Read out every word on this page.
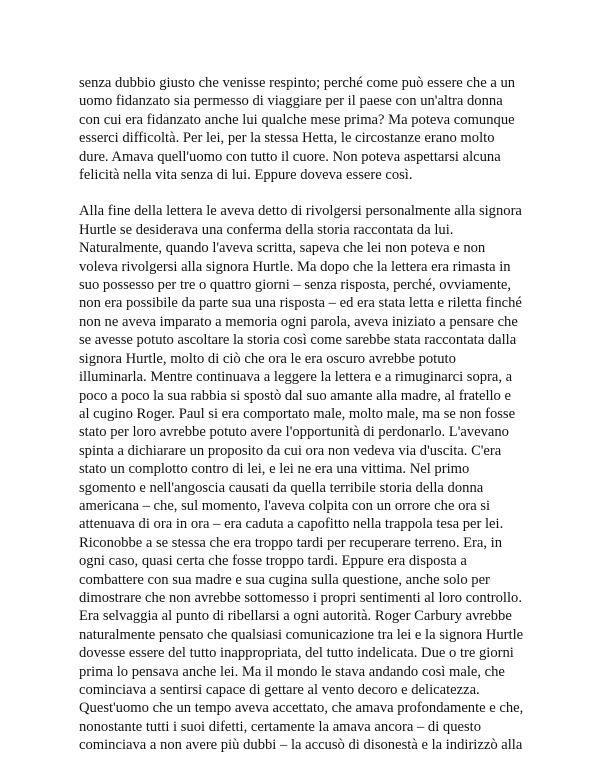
senza dubbio giusto che venisse respinto; perché come può essere che a un
uomo fidanzato sia permesso di viaggiare per il paese con un'altra donna
con cui era fidanzato anche lui qualche mese prima? Ma poteva comunque
esserci difficoltà. Per lei, per la stessa Hetta, le circostanze erano molto
dure. Amava quell'uomo con tutto il cuore. Non poteva aspettarsi alcuna
felicità nella vita senza di lui. Eppure doveva essere così.
Alla fine della lettera le aveva detto di rivolgersi personalmente alla signora
Hurtle se desiderava una conferma della storia raccontata da lui.
Naturalmente, quando l'aveva scritta, sapeva che lei non poteva e non
voleva rivolgersi alla signora Hurtle. Ma dopo che la lettera era rimasta in
suo possesso per tre o quattro giorni – senza risposta, perché, ovviamente,
non era possibile da parte sua una risposta – ed era stata letta e riletta finché
non ne aveva imparato a memoria ogni parola, aveva iniziato a pensare che
se avesse potuto ascoltare la storia così come sarebbe stata raccontata dalla
signora Hurtle, molto di ciò che ora le era oscuro avrebbe potuto
illuminarla. Mentre continuava a leggere la lettera e a rimuginarci sopra, a
poco a poco la sua rabbia si spostò dal suo amante alla madre, al fratello e
al cugino Roger. Paul si era comportato male, molto male, ma se non fosse
stato per loro avrebbe potuto avere l'opportunità di perdonarlo. L'avevano
spinta a dichiarare un proposito da cui ora non vedeva via d'uscita. C'era
stato un complotto contro di lei, e lei ne era una vittima. Nel primo
sgomento e nell'angoscia causati da quella terribile storia della donna
americana – che, sul momento, l'aveva colpita con un orrore che ora si
attenuava di ora in ora – era caduta a capofitto nella trappola tesa per lei.
Riconobbe a se stessa che era troppo tardi per recuperare terreno. Era, in
ogni caso, quasi certa che fosse troppo tardi. Eppure era disposta a
combattere con sua madre e sua cugina sulla questione, anche solo per
dimostrare che non avrebbe sottomesso i propri sentimenti al loro controllo.
Era selvaggia al punto di ribellarsi a ogni autorità. Roger Carbury avrebbe
naturalmente pensato che qualsiasi comunicazione tra lei e la signora Hurtle
dovesse essere del tutto inappropriata, del tutto indelicata. Due o tre giorni
prima lo pensava anche lei. Ma il mondo le stava andando così male, che
cominciava a sentirsi capace di gettare al vento decoro e delicatezza.
Quest'uomo che un tempo aveva accettato, che amava profondamente e che,
nonostante tutti i suoi difetti, certamente la amava ancora – di questo
cominciava a non avere più dubbi – la accusò di disonestà e la indirizzò alla
